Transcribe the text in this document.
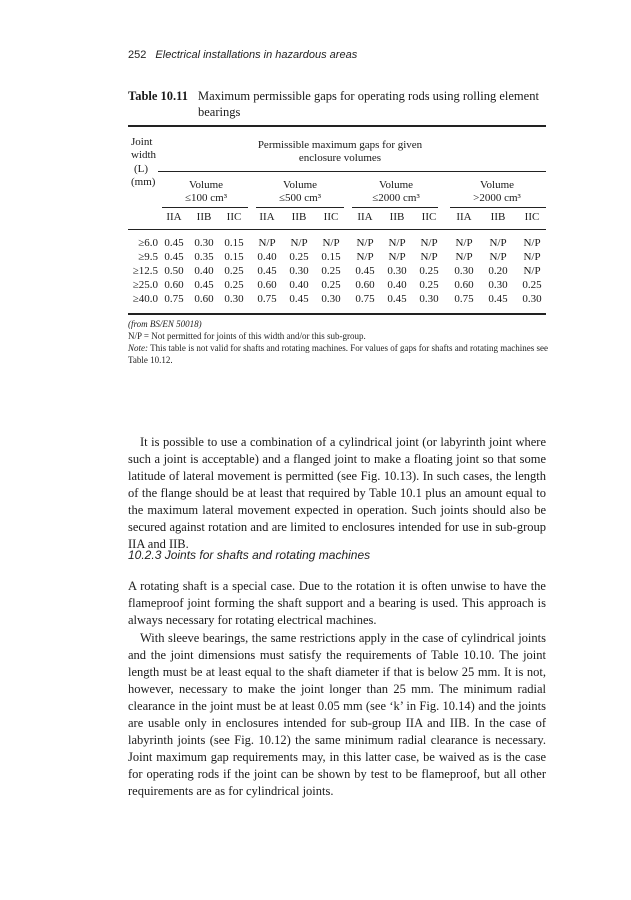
252 Electrical installations in hazardous areas
Table 10.11 Maximum permissible gaps for operating rods using rolling element bearings
Joint
width
(L)
(mm)
Permissible maximum gaps for given
enclosure volumes
Volume
≤100 cm³
Volume
≤500 cm³
Volume
≤2000 cm³
Volume
>2000 cm³
IIA	IIB	IIC	IIA	IIB	IIC	IIA	IIB	IIC	IIA	IIB	IIC
≥6.0 0.45 0.30 0.15	N/P	N/P	N/P	N/P	N/P	N/P	N/P	N/P	N/P
≥9.5 0.45 0.35 0.15	0.40	0.25	0.15	N/P	N/P	N/P	N/P	N/P	N/P
≥12.5 0.50 0.40 0.25	0.45	0.30	0.25	0.45	0.30	0.25	0.30	0.20	N/P
≥25.0 0.60 0.45 0.25	0.60	0.40	0.25	0.60	0.40	0.25	0.60	0.30	0.25
≥40.0 0.75 0.60 0.30	0.75	0.45	0.30	0.75	0.45	0.30	0.75	0.45	0.30
(from BS/EN 50018)
N/P = Not permitted for joints of this width and/or this sub-group.
Note: This table is not valid for shafts and rotating machines. For values of gaps for shafts and rotating machines see Table 10.12.
It is possible to use a combination of a cylindrical joint (or labyrinth joint where such a joint is acceptable) and a flanged joint to make a floating joint so that some latitude of lateral movement is permitted (see Fig. 10.13). In such cases, the length of the flange should be at least that required by Table 10.1 plus an amount equal to the maximum lateral movement expected in operation. Such joints should also be secured against rotation and are limited to enclosures intended for use in sub-group IIA and IIB.
10.2.3 Joints for shafts and rotating machines
A rotating shaft is a special case. Due to the rotation it is often unwise to have the flameproof joint forming the shaft support and a bearing is used. This approach is always necessary for rotating electrical machines.
With sleeve bearings, the same restrictions apply in the case of cylindrical joints and the joint dimensions must satisfy the requirements of Table 10.10. The joint length must be at least equal to the shaft diameter if that is below 25 mm. It is not, however, necessary to make the joint longer than 25 mm. The minimum radial clearance in the joint must be at least 0.05 mm (see ‘k’ in Fig. 10.14) and the joints are usable only in enclosures intended for sub-group IIA and IIB. In the case of labyrinth joints (see Fig. 10.12) the same minimum radial clearance is necessary. Joint maximum gap requirements may, in this latter case, be waived as is the case for operating rods if the joint can be shown by test to be flameproof, but all other requirements are as for cylindrical joints.
